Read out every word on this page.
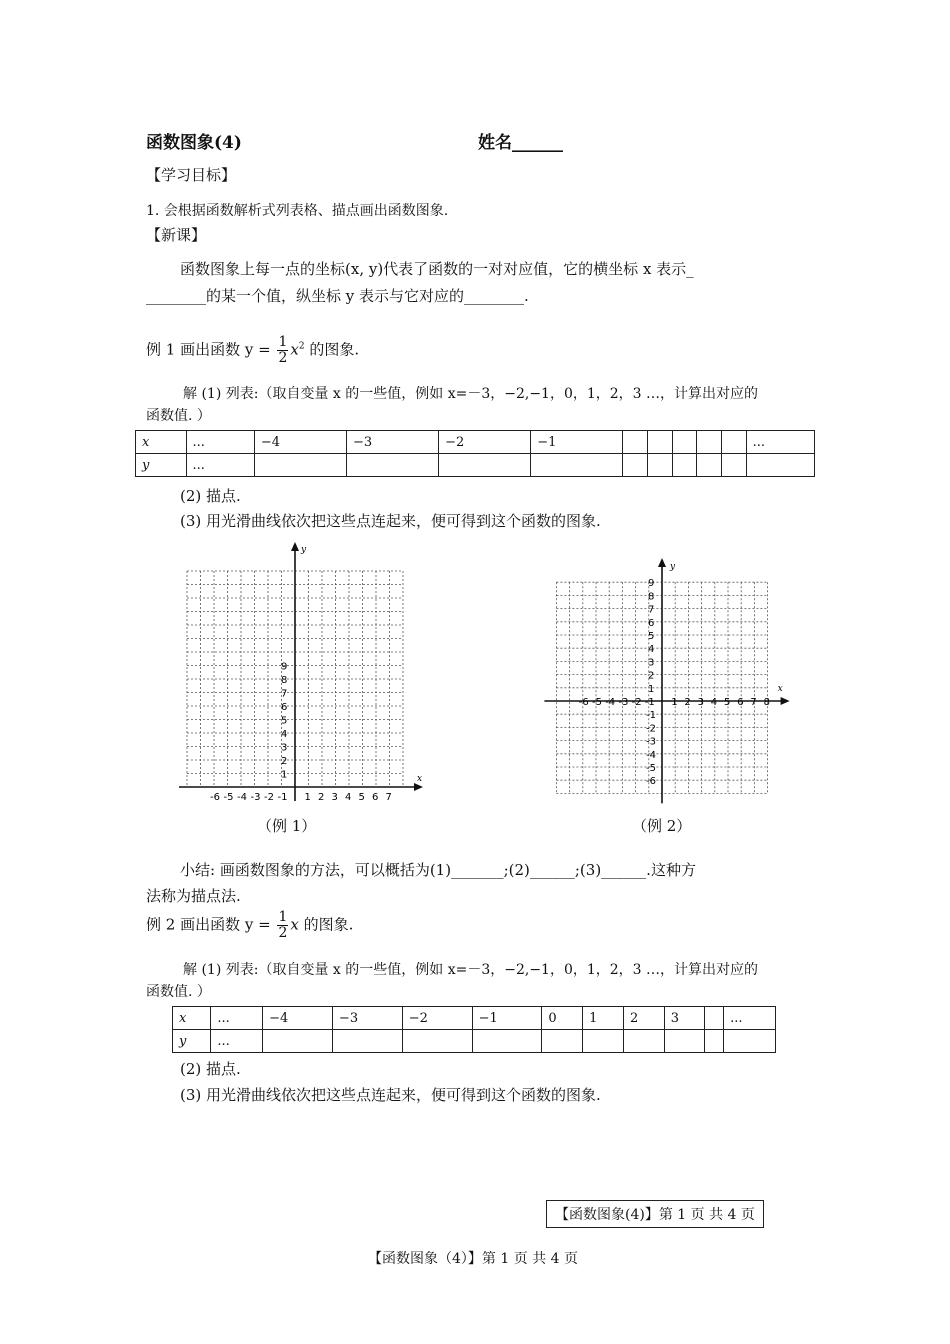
函数图象(4)	姓名______
【学习目标】
1. 会根据函数解析式列表格、描点画出函数图象.
【新课】
函数图象上每一点的坐标(x, y)代表了函数的一对对应值，它的横坐标 x 表示_
________的某一个值，纵坐标 y 表示与它对应的________.
例 1 画出函数 $y = \frac{1}{2} x^2$ 的图象.
解 (1) 列表:（取自变量 x 的一些值，例如 x=－3，−2,−1，0，1，2，3 …，计算出对应的
函数值. ）
x	...	−4	−3	−2	−1						...
y	...										
(2) 描点.
(3) 用光滑曲线依次把这些点连起来，便可得到这个函数的图象.
x
y
-6 -5 -4 -3 -2 -1 1 2 3 4 5 6 7
1
2
3
4
5
6
7
8
9
（例 1）
x
y
-6 -5 -4 -3 -2 -1 1 2 3 4 5 6 7 8
1
2
3
4
5
6
7
8
9
-1
-2
-3
-4
-5
-6
（例 2）
小结: 画函数图象的方法，可以概括为(1)_______;(2)______;(3)______.这种方
法称为描点法.
例 2 画出函数 $y = \frac{1}{2}$ x 的图象.
解 (1) 列表:（取自变量 x 的一些值，例如 x=－3，−2,−1，0，1，2，3 …，计算出对应的
函数值. ）
x	...	−4	−3	−2	−1	0	1	2	3		...
y	...										
(2) 描点.
(3) 用光滑曲线依次把这些点连起来，便可得到这个函数的图象.
【函数图象(4)】第 1 页 共 4 页
【函数图象（4）】第 1 页 共 4 页
